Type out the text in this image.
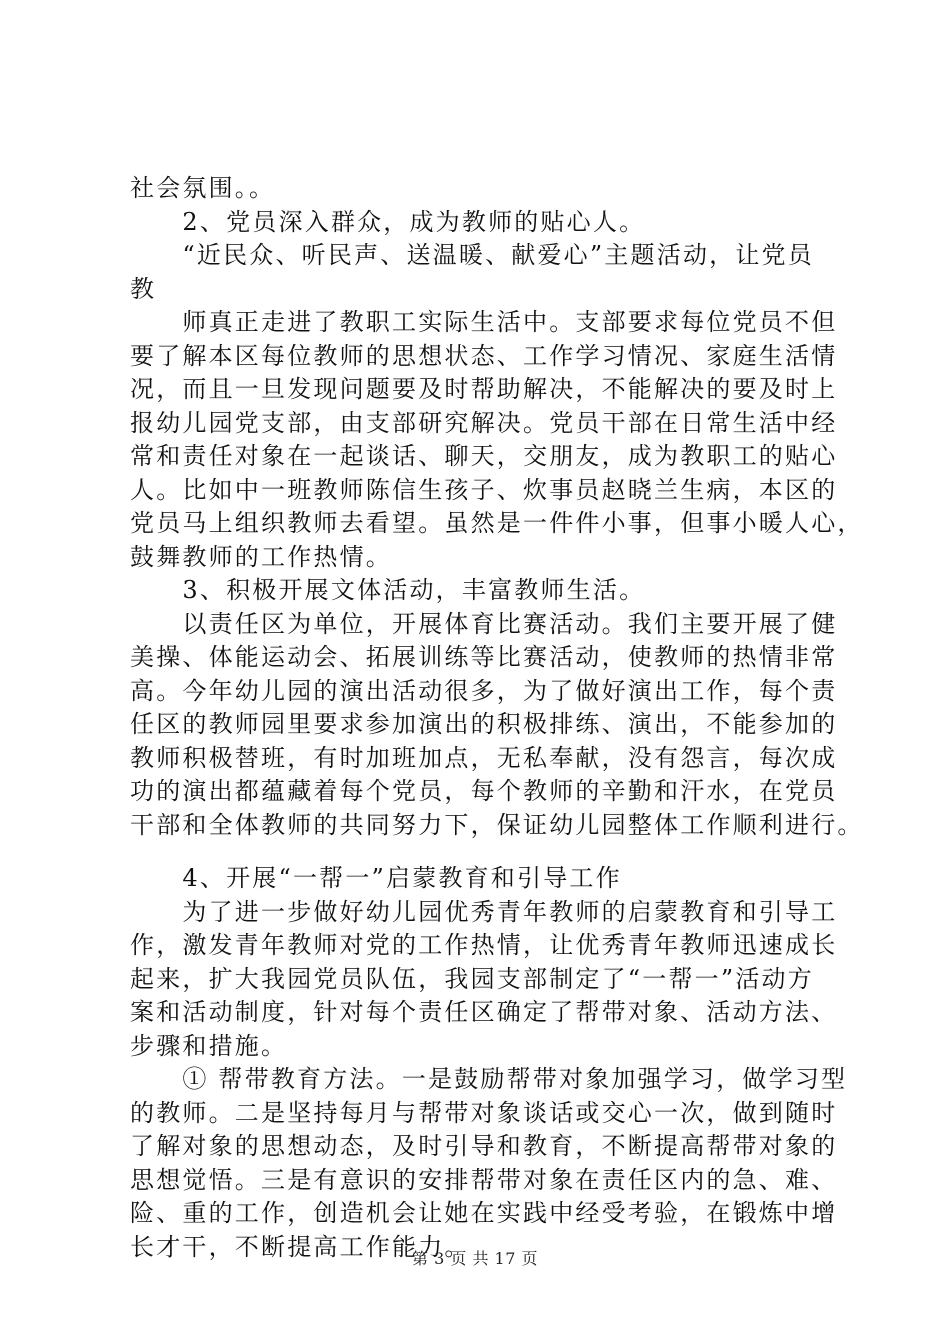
社会氛围。。
　　2、党员深入群众，成为教师的贴心人。
　　“近民众、听民声、送温暖、献爱心”主题活动，让党员
教
　　师真正走进了教职工实际生活中。支部要求每位党员不但
要了解本区每位教师的思想状态、工作学习情况、家庭生活情
况，而且一旦发现问题要及时帮助解决，不能解决的要及时上
报幼儿园党支部，由支部研究解决。党员干部在日常生活中经
常和责任对象在一起谈话、聊天，交朋友，成为教职工的贴心
人。比如中一班教师陈信生孩子、炊事员赵晓兰生病，本区的
党员马上组织教师去看望。虽然是一件件小事，但事小暖人心，
鼓舞教师的工作热情。
　　3、积极开展文体活动，丰富教师生活。
　　以责任区为单位，开展体育比赛活动。我们主要开展了健
美操、体能运动会、拓展训练等比赛活动，使教师的热情非常
高。今年幼儿园的演出活动很多，为了做好演出工作，每个责
任区的教师园里要求参加演出的积极排练、演出，不能参加的
教师积极替班，有时加班加点，无私奉献，没有怨言，每次成
功的演出都蕴藏着每个党员，每个教师的辛勤和汗水，在党员
干部和全体教师的共同努力下，保证幼儿园整体工作顺利进行。
　　4、开展“一帮一”启蒙教育和引导工作
　　为了进一步做好幼儿园优秀青年教师的启蒙教育和引导工
作，激发青年教师对党的工作热情，让优秀青年教师迅速成长
起来，扩大我园党员队伍，我园支部制定了“一帮一”活动方
案和活动制度，针对每个责任区确定了帮带对象、活动方法、
步骤和措施。
　　① 帮带教育方法。一是鼓励帮带对象加强学习，做学习型
的教师。二是坚持每月与帮带对象谈话或交心一次，做到随时
了解对象的思想动态，及时引导和教育，不断提高帮带对象的
思想觉悟。三是有意识的安排帮带对象在责任区内的急、难、
险、重的工作，创造机会让她在实践中经受考验，在锻炼中增
长才干，不断提高工作能力。
第 3 页 共 17 页
